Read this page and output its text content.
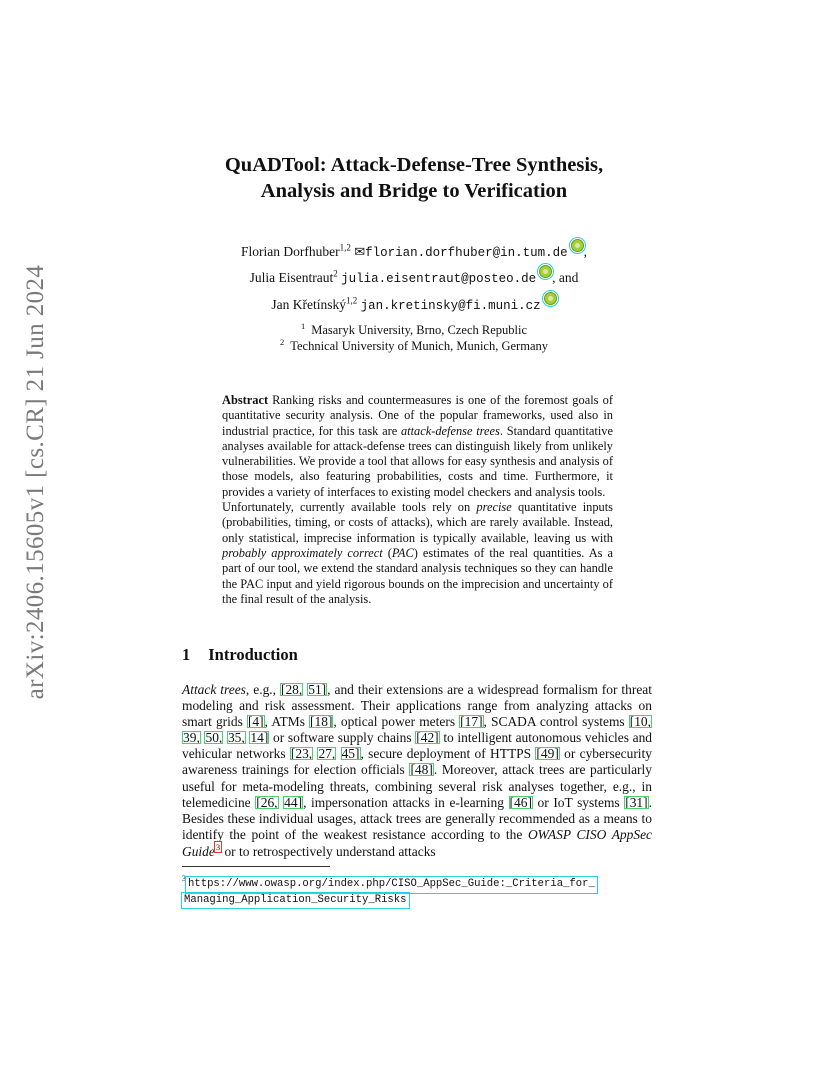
arXiv:2406.15605v1 [cs.CR] 21 Jun 2024
QuADTool: Attack-Defense-Tree Synthesis,
Analysis and Bridge to Verification
Florian Dorfhuber$^{1,2}$ ✉florian.dorfhuber@in.tum.de ,
Julia Eisentraut$^2$ julia.eisentraut@posteo.de , and
Jan Křetínský$^{1,2}$ jan.kretinsky@fi.muni.cz
$^1$ Masaryk University, Brno, Czech Republic
$^2$ Technical University of Munich, Munich, Germany

Abstract Ranking risks and countermeasures is one of the foremost goals of quantitative security analysis. One of the popular frameworks, used also in industrial practice, for this task are attack-defense trees. Standard quantitative analyses available for attack-defense trees can distinguish likely from unlikely vulnerabilities. We provide a tool that allows for easy synthesis and analysis of those models, also featuring probabilities, costs and time. Furthermore, it provides a variety of interfaces to existing model checkers and analysis tools.

Unfortunately, currently available tools rely on precise quantitative inputs (probabilities, timing, or costs of attacks), which are rarely available. Instead, only statistical, imprecise information is typically available, leaving us with probably approximately correct (PAC) estimates of the real quantities. As a part of our tool, we extend the standard analysis techniques so they can handle the PAC input and yield rigorous bounds on the imprecision and uncertainty of the final result of the analysis.

1 Introduction

Attack trees, e.g., [28, 51], and their extensions are a widespread formalism for threat modeling and risk assessment. Their applications range from analyzing attacks on smart grids [4], ATMs [18], optical power meters [17], SCADA control systems [10, 39, 50, 35, 14] or software supply chains [42] to intelligent autonomous vehicles and vehicular networks [23, 27, 45], secure deployment of HTTPS [49] or cybersecurity awareness trainings for election officials [48]. Moreover, attack trees are particularly useful for meta-modeling threats, combining several risk analyses together, e.g., in telemedicine [26, 44], impersonation attacks in e-learning [46] or IoT systems [31]. Besides these individual usages, attack trees are generally recommended as a means to identify the point of the weakest resistance according to the OWASP CISO AppSec Guide$^3$ or to retrospectively understand attacks

$^3$ https://www.owasp.org/index.php/CISO_AppSec_Guide:_Criteria_for_
Managing_Application_Security_Risks
